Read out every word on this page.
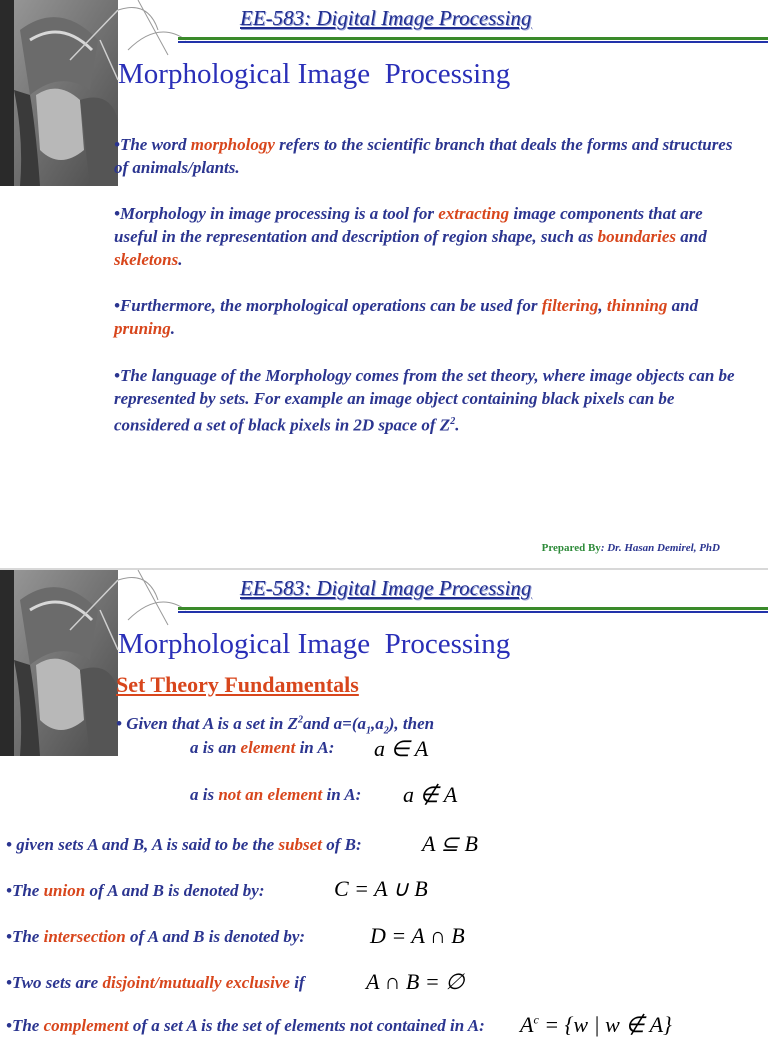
EE-583: Digital Image Processing
Morphological Image  Processing
•The word morphology refers to the scientific branch that deals the forms and structures of animals/plants.
•Morphology in image processing is a tool for extracting image components that are useful in the representation and description of region shape, such as boundaries and skeletons.
•Furthermore, the morphological operations can be used for filtering, thinning and pruning.
•The language of the Morphology comes from the set theory, where image objects can be represented by sets. For example an image object containing black pixels can be considered a set of black pixels in 2D space of $Z^2$.
Prepared By: Dr. Hasan Demirel, PhD
EE-583: Digital Image Processing
Morphological Image  Processing
Set Theory Fundamentals
• Given that A is a set in $Z^2and$ $a=(a_1,a_2)$, then
a is an element in A: a ∈ A
a is not an element in A: a ∉ A
• given sets A and B, A is said to be the subset of B:	A ⊆ B
•The union of A and B is denoted by:	C = A ∪ B
•The intersection of A and B is denoted by:	D = A ∩ B
•Two sets are disjoint/mutually exclusive if	A ∩ B = ∅
•The complement of a set A is the set of elements not contained in A: $A^c = \{w$ | w ∉ A}
